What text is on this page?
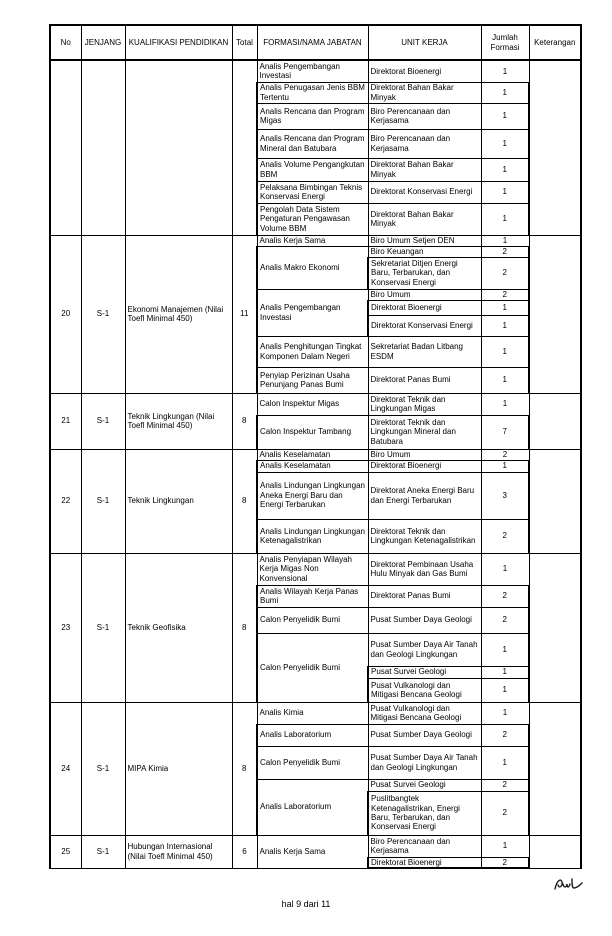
No	JENJANG	KUALIFIKASI PENDIDIKAN	Total	FORMASI/NAMA JABATAN	UNIT KERJA	Jumlah Formasi	Keterangan
				Analis Pengembangan Investasi	Direktorat Bioenergi	1	
				Analis Penugasan Jenis BBM Tertentu	Direktorat Bahan Bakar Minyak	1	
				Analis Rencana dan Program Migas	Biro Perencanaan dan Kerjasama	1	
				Analis Rencana dan Program Mineral dan Batubara	Biro Perencanaan dan Kerjasama	1	
				Analis Volume Pengangkutan BBM	Direktorat Bahan Bakar Minyak	1	
				Pelaksana Bimbingan Teknis Konservasi Energi	Direktorat Konservasi Energi	1	
				Pengolah Data Sistem Pengaturan Pengawasan Volume BBM	Direktorat Bahan Bakar Minyak	1	
20	S-1	Ekonomi Manajemen (Nilai Toefl Minimal 450)	11	Analis Kerja Sama	Biro Umum Setjen DEN	1	
				Analis Makro Ekonomi	Biro Keuangan	2	
					Sekretariat Ditjen Energi Baru, Terbarukan, dan Konservasi Energi	2	
				Analis Pengembangan Investasi	Biro Umum	2	
					Direktorat Bioenergi	1	
					Direktorat Konservasi Energi	1	
				Analis Penghitungan Tingkat Komponen Dalam Negeri	Sekretariat Badan Litbang ESDM	1	
				Penyiap Perizinan Usaha Penunjang Panas Bumi	Direktorat Panas Bumi	1	
21	S-1	Teknik Lingkungan (Nilai Toefl Minimal 450)	8	Calon Inspektur Migas	Direktorat Teknik dan Lingkungan Migas	1	
				Calon Inspektur Tambang	Direktorat Teknik dan Lingkungan Mineral dan Batubara	7	
22	S-1	Teknik Lingkungan	8	Analis Keselamatan	Biro Umum	2	
				Analis Keselamatan	Direktorat Bioenergi	1	
				Analis Lindungan Lingkungan Aneka Energi Baru dan Energi Terbarukan	Direktorat Aneka Energi Baru dan Energi Terbarukan	3	
				Analis Lindungan Lingkungan Ketenagalistrikan	Direktorat Teknik dan Lingkungan Ketenagalistrikan	2	
23	S-1	Teknik Geofisika	8	Analis Penyiapan Wilayah Kerja Migas Non Konvensional	Direktorat Pembinaan Usaha Hulu Minyak dan Gas Bumi	1	
				Analis Wilayah Kerja Panas Bumi	Direktorat Panas Bumi	2	
				Calon Penyelidik Bumi	Pusat Sumber Daya Geologi	2	
				Calon Penyelidik Bumi	Pusat Sumber Daya Air Tanah dan Geologi Lingkungan	1	
					Pusat Survei Geologi	1	
					Pusat Vulkanologi dan Mitigasi Bencana Geologi	1	
24	S-1	MIPA Kimia	8	Analis Kimia	Pusat Vulkanologi dan Mitigasi Bencana Geologi	1	
				Analis Laboratorium	Pusat Sumber Daya Geologi	2	
				Calon Penyelidik Bumi	Pusat Sumber Daya Air Tanah dan Geologi Lingkungan	1	
				Analis Laboratorium	Pusat Survei Geologi	2	
					Puslitbangtek Ketenagalistrikan, Energi Baru, Terbarukan, dan Konservasi Energi	2	
25	S-1	Hubungan Internasional (Nilai Toefl Minimal 450)	6	Analis Kerja Sama	Biro Perencanaan dan Kerjasama	1	
					Direktorat Bioenergi	2	
hal 9 dari 11
